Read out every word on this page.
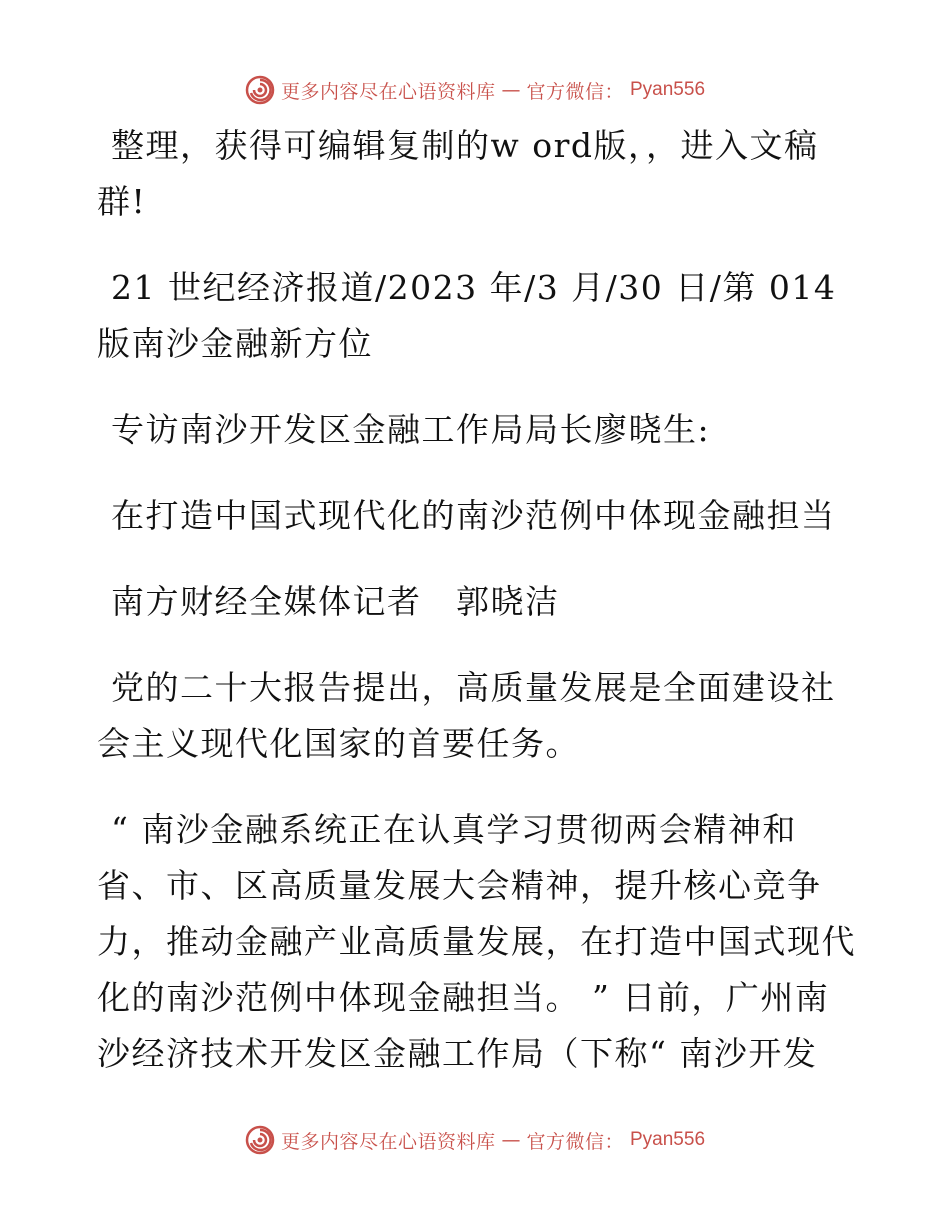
更多内容尽在心语资料库 — 官方微信： Pyan556

整理，获得可编辑复制的w ord版，，进入文稿群!

21 世纪经济报道/2023 年/3 月/30 日/第 014 版南沙金融新方位

专访南沙开发区金融工作局局长廖晓生:

在打造中国式现代化的南沙范例中体现金融担当

南方财经全媒体记者　郭晓洁

党的二十大报告提出，高质量发展是全面建设社会主义现代化国家的首要任务。

“ 南沙金融系统正在认真学习贯彻两会精神和省、市、区高质量发展大会精神，提升核心竞争力，推动金融产业高质量发展，在打造中国式现代化的南沙范例中体现金融担当。 ” 日前，广州南沙经济技术开发区金融工作局（下称“ 南沙开发

更多内容尽在心语资料库 — 官方微信： Pyan556
